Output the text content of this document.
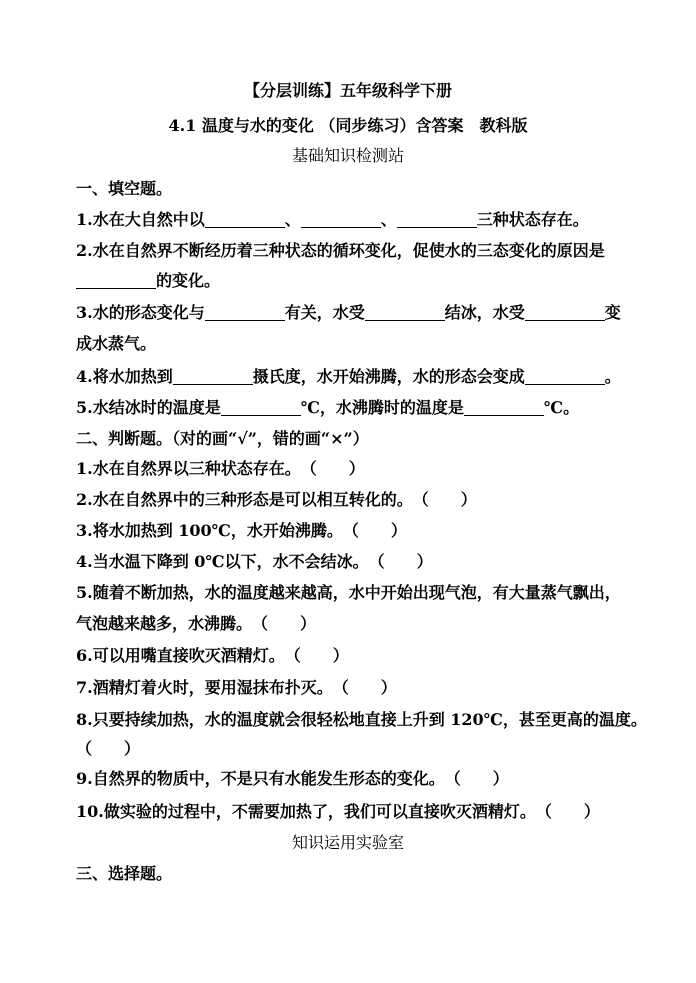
【分层训练】五年级科学下册
4.1 温度与水的变化 （同步练习）含答案　教科版
基础知识检测站
一、填空题。
1.水在大自然中以	、	、	三种状态存在。
2.水在自然界不断经历着三种状态的循环变化，促使水的三态变化的原因是
的变化。
3.水的形态变化与	有关，水受	结冰，水受	变
成水蒸气。
4.将水加热到	摄氏度，水开始沸腾，水的形态会变成	。
5.水结冰时的温度是	℃，水沸腾时的温度是	℃。
二、判断题。（对的画“√”，错的画“×”）
1.水在自然界以三种状态存在。（　　）
2.水在自然界中的三种形态是可以相互转化的。（　　）
3.将水加热到 100℃，水开始沸腾。（　　）
4.当水温下降到 0℃以下，水不会结冰。（　　）
5.随着不断加热，水的温度越来越高，水中开始出现气泡，有大量蒸气飘出，
气泡越来越多，水沸腾。（　　）
6.可以用嘴直接吹灭酒精灯。（　　）
7.酒精灯着火时，要用湿抹布扑灭。（　　）
8.只要持续加热，水的温度就会很轻松地直接上升到 120℃，甚至更高的温度。
（　　）
9.自然界的物质中，不是只有水能发生形态的变化。（　　）
10.做实验的过程中，不需要加热了，我们可以直接吹灭酒精灯。（　　）
知识运用实验室
三、选择题。
